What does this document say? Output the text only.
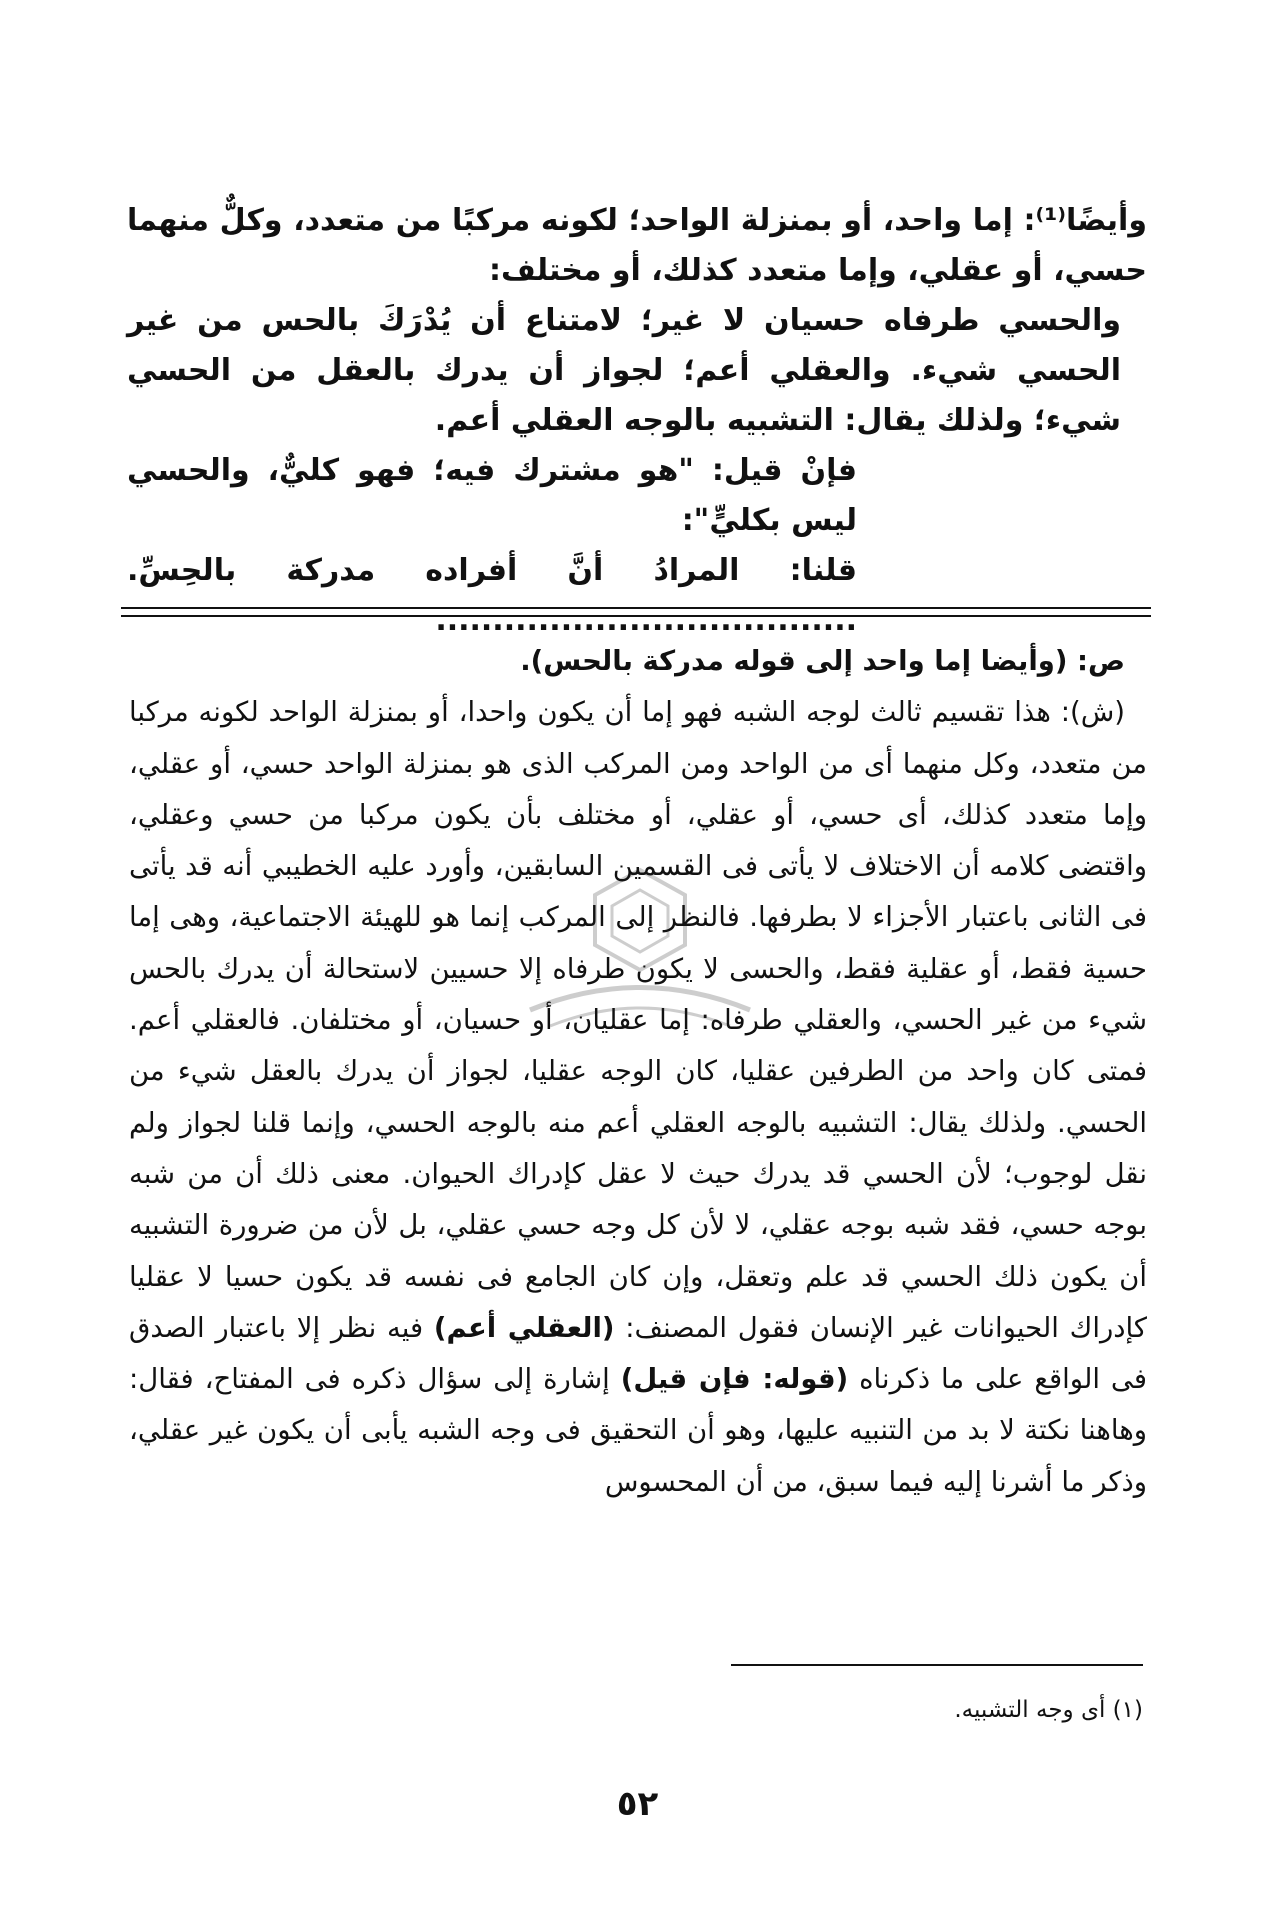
وأيضًا⁽¹⁾: إما واحد، أو بمنزلة الواحد؛ لكونه مركبًا من متعدد، وكلٌّ منهما حسي، أو عقلي، وإما متعدد كذلك، أو مختلف:

والحسي طرفاه حسيان لا غير؛ لامتناع أن يُدْرَكَ بالحس من غير الحسي شيء. والعقلي أعم؛ لجواز أن يدرك بالعقل من الحسي شيء؛ ولذلك يقال: التشبيه بالوجه العقلي أعم.

فإنْ قيل: "هو مشترك فيه؛ فهو كليٌّ، والحسي ليس بكليٍّ":

قلنا: المرادُ أنَّ أفراده مدركة بالحِسِّ. .....................................

ص: (وأيضا إما واحد إلى قوله مدركة بالحس).

(ش): هذا تقسيم ثالث لوجه الشبه فهو إما أن يكون واحدا، أو بمنزلة الواحد لكونه مركبا من متعدد، وكل منهما أى من الواحد ومن المركب الذى هو بمنزلة الواحد حسي، أو عقلي، وإما متعدد كذلك، أى حسي، أو عقلي، أو مختلف بأن يكون مركبا من حسي وعقلي، واقتضى كلامه أن الاختلاف لا يأتى فى القسمين السابقين، وأورد عليه الخطيبي أنه قد يأتى فى الثانى باعتبار الأجزاء لا بطرفها. فالنظر إلى المركب إنما هو للهيئة الاجتماعية، وهى إما حسية فقط، أو عقلية فقط، والحسى لا يكون طرفاه إلا حسيين لاستحالة أن يدرك بالحس شيء من غير الحسي، والعقلي طرفاه: إما عقليان، أو حسيان، أو مختلفان. فالعقلي أعم. فمتى كان واحد من الطرفين عقليا، كان الوجه عقليا، لجواز أن يدرك بالعقل شيء من الحسي. ولذلك يقال: التشبيه بالوجه العقلي أعم منه بالوجه الحسي، وإنما قلنا لجواز ولم نقل لوجوب؛ لأن الحسي قد يدرك حيث لا عقل كإدراك الحيوان. معنى ذلك أن من شبه بوجه حسي، فقد شبه بوجه عقلي، لا لأن كل وجه حسي عقلي، بل لأن من ضرورة التشبيه أن يكون ذلك الحسي قد علم وتعقل، وإن كان الجامع فى نفسه قد يكون حسيا لا عقليا كإدراك الحيوانات غير الإنسان فقول المصنف: (العقلي أعم) فيه نظر إلا باعتبار الصدق فى الواقع على ما ذكرناه (قوله: فإن قيل) إشارة إلى سؤال ذكره فى المفتاح، فقال: وهاهنا نكتة لا بد من التنبيه عليها، وهو أن التحقيق فى وجه الشبه يأبى أن يكون غير عقلي، وذكر ما أشرنا إليه فيما سبق، من أن المحسوس

(١) أى وجه التشبيه.
٥٢
